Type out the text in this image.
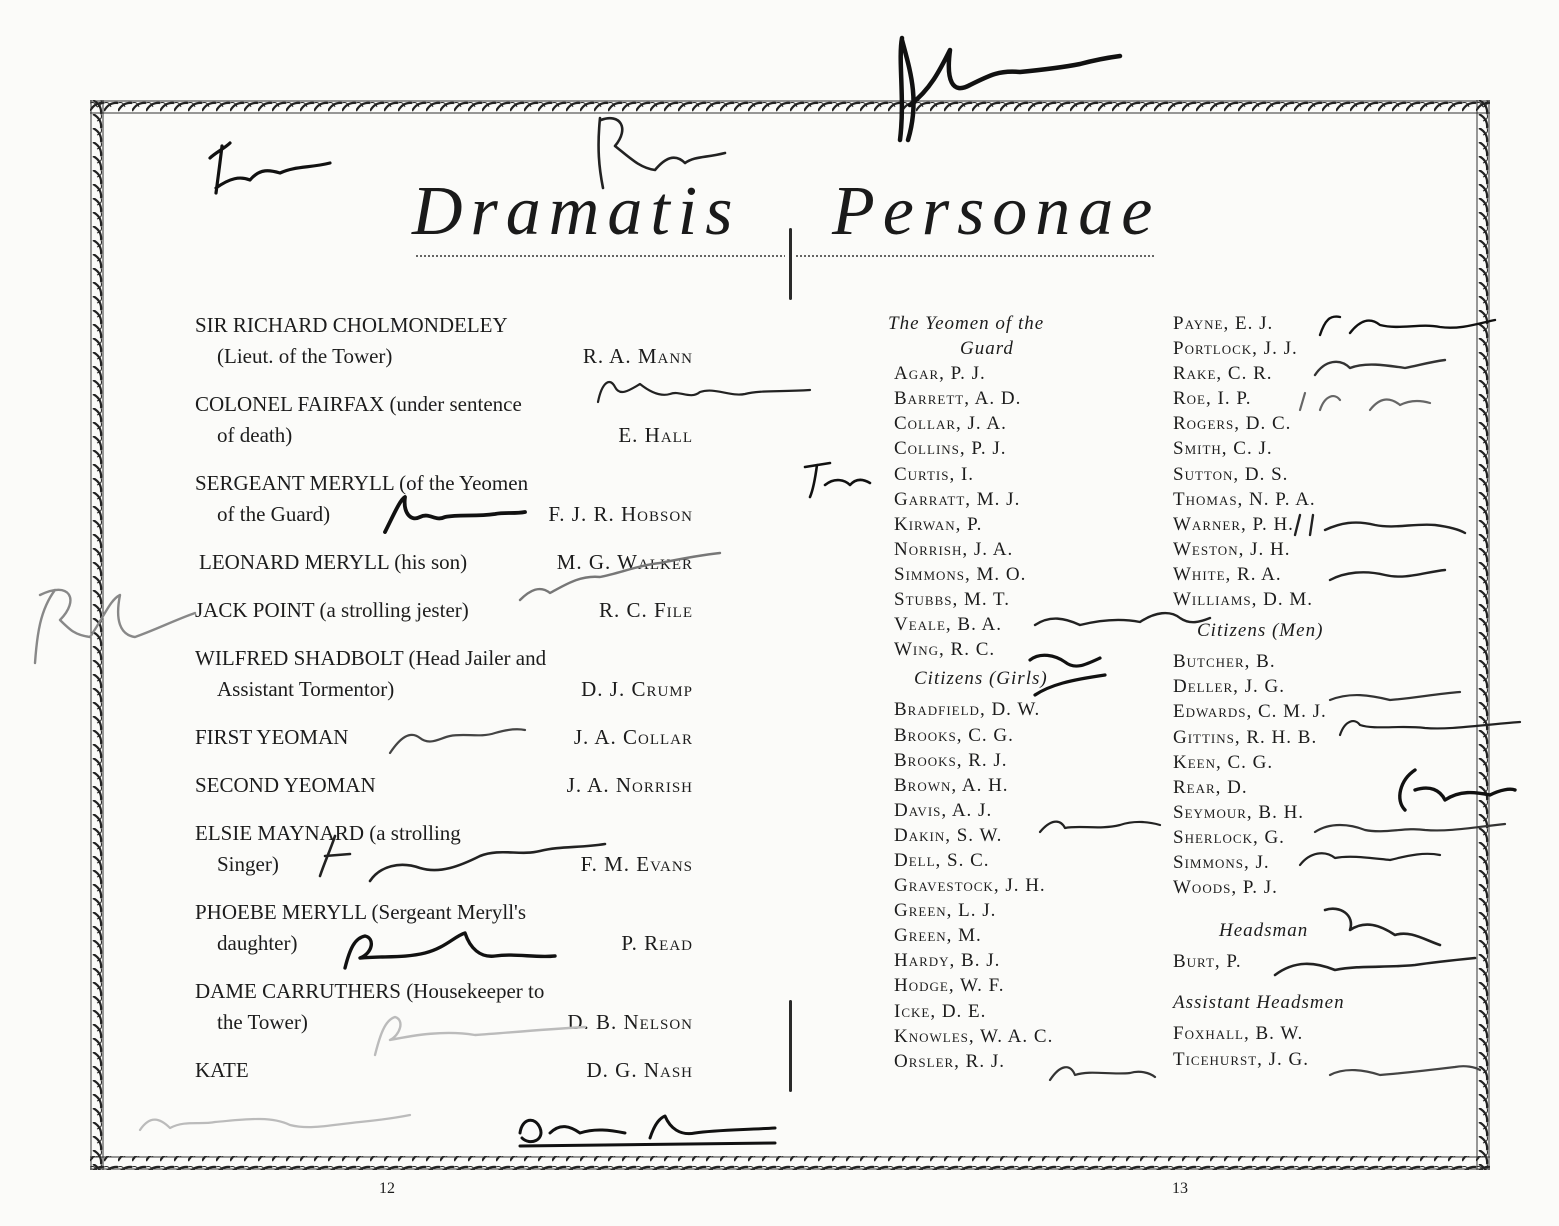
Dramatis Personae
SIR RICHARD CHOLMONDELEY
(Lieut. of the Tower)	R. A. Mann
COLONEL FAIRFAX (under sentence
of death)	E. Hall
SERGEANT MERYLL (of the Yeomen
of the Guard)	F. J. R. Hobson
LEONARD MERYLL (his son)	M. G. Walker
JACK POINT (a strolling jester)	R. C. File
WILFRED SHADBOLT (Head Jailer and
Assistant Tormentor)	D. J. Crump
FIRST YEOMAN	J. A. Collar
SECOND YEOMAN	J. A. Norrish
ELSIE MAYNARD (a strolling
Singer)	F. M. Evans
PHOEBE MERYLL (Sergeant Meryll's
daughter)	P. Read
DAME CARRUTHERS (Housekeeper to
the Tower)	D. B. Nelson
KATE	D. G. Nash
The Yeomen of the
Guard
Agar, P. J.
Barrett, A. D.
Collar, J. A.
Collins, P. J.
Curtis, I.
Garratt, M. J.
Kirwan, P.
Norrish, J. A.
Simmons, M. O.
Stubbs, M. T.
Veale, B. A.
Wing, R. C.
Citizens (Girls)
Bradfield, D. W.
Brooks, C. G.
Brooks, R. J.
Brown, A. H.
Davis, A. J.
Dakin, S. W.
Dell, S. C.
Gravestock, J. H.
Green, L. J.
Green, M.
Hardy, B. J.
Hodge, W. F.
Icke, D. E.
Knowles, W. A. C.
Orsler, R. J.
Payne, E. J.
Portlock, J. J.
Rake, C. R.
Roe, I. P.
Rogers, D. C.
Smith, C. J.
Sutton, D. S.
Thomas, N. P. A.
Warner, P. H.
Weston, J. H.
White, R. A.
Williams, D. M.
Citizens (Men)
Butcher, B.
Deller, J. G.
Edwards, C. M. J.
Gittins, R. H. B.
Keen, C. G.
Rear, D.
Seymour, B. H.
Sherlock, G.
Simmons, J.
Woods, P. J.
Headsman
Burt, P.
Assistant Headsmen
Foxhall, B. W.
Ticehurst, J. G.
12	13
